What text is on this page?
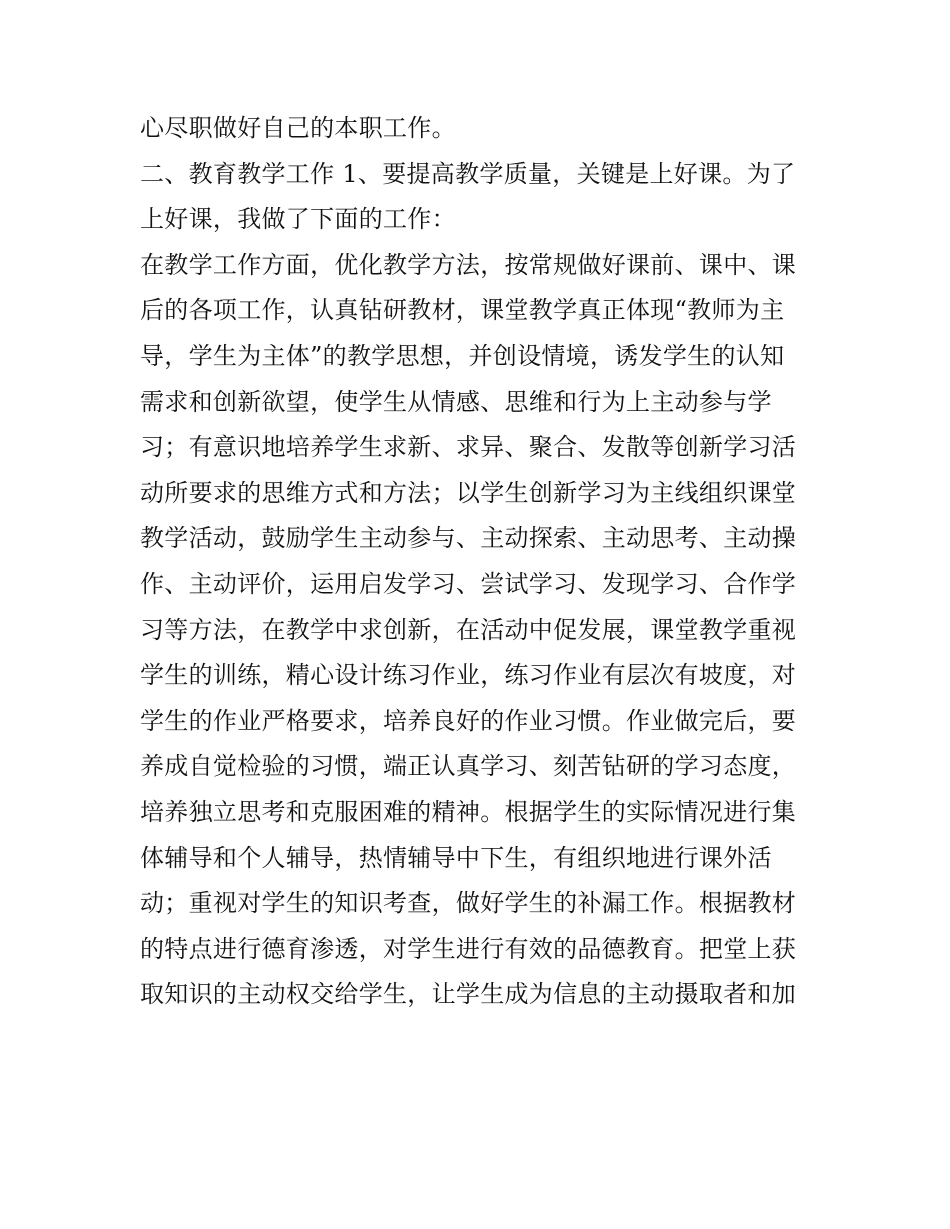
心尽职做好自己的本职工作。
二、教育教学工作 1、要提高教学质量，关键是上好课。为了
上好课，我做了下面的工作：
在教学工作方面，优化教学方法，按常规做好课前、课中、课
后的各项工作，认真钻研教材，课堂教学真正体现“教师为主
导，学生为主体”的教学思想，并创设情境，诱发学生的认知
需求和创新欲望，使学生从情感、思维和行为上主动参与学
习；有意识地培养学生求新、求异、聚合、发散等创新学习活
动所要求的思维方式和方法；以学生创新学习为主线组织课堂
教学活动，鼓励学生主动参与、主动探索、主动思考、主动操
作、主动评价，运用启发学习、尝试学习、发现学习、合作学
习等方法，在教学中求创新，在活动中促发展，课堂教学重视
学生的训练，精心设计练习作业，练习作业有层次有坡度，对
学生的作业严格要求，培养良好的作业习惯。作业做完后，要
养成自觉检验的习惯，端正认真学习、刻苦钻研的学习态度，
培养独立思考和克服困难的精神。根据学生的实际情况进行集
体辅导和个人辅导，热情辅导中下生，有组织地进行课外活
动；重视对学生的知识考查，做好学生的补漏工作。根据教材
的特点进行德育渗透，对学生进行有效的品德教育。把堂上获
取知识的主动权交给学生，让学生成为信息的主动摄取者和加
